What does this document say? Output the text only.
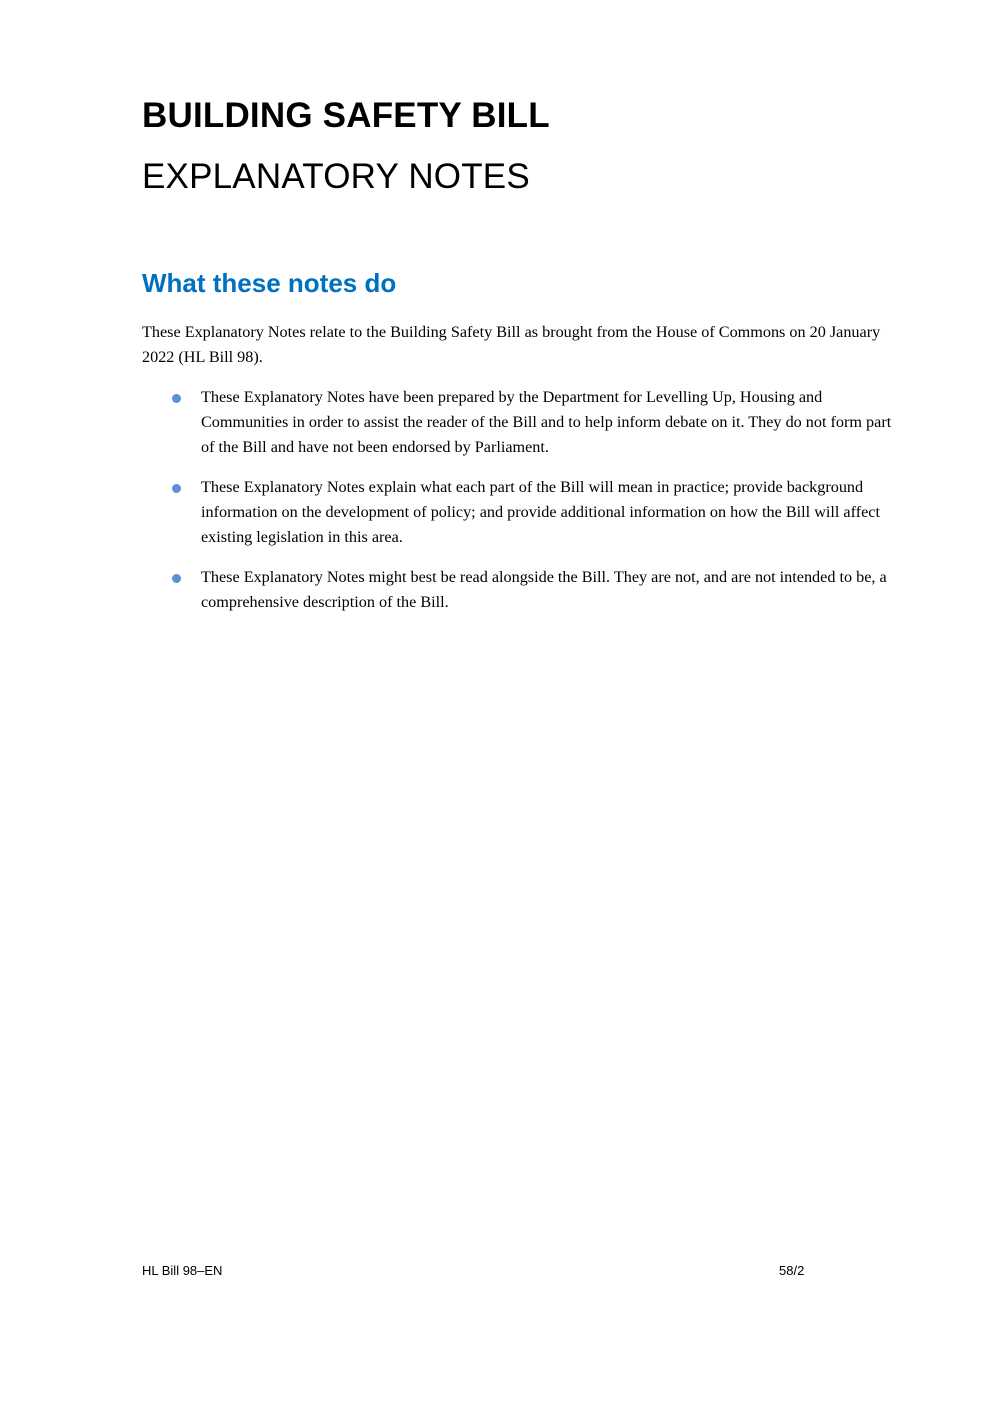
BUILDING SAFETY BILL
EXPLANATORY NOTES
What these notes do

These Explanatory Notes relate to the Building Safety Bill as brought from the House of Commons on 20 January 2022 (HL Bill 98).

These Explanatory Notes have been prepared by the Department for Levelling Up, Housing and Communities in order to assist the reader of the Bill and to help inform debate on it. They do not form part of the Bill and have not been endorsed by Parliament.
These Explanatory Notes explain what each part of the Bill will mean in practice; provide background information on the development of policy; and provide additional information on how the Bill will affect existing legislation in this area.
These Explanatory Notes might best be read alongside the Bill. They are not, and are not intended to be, a comprehensive description of the Bill.
HL Bill 98–EN	58/2
